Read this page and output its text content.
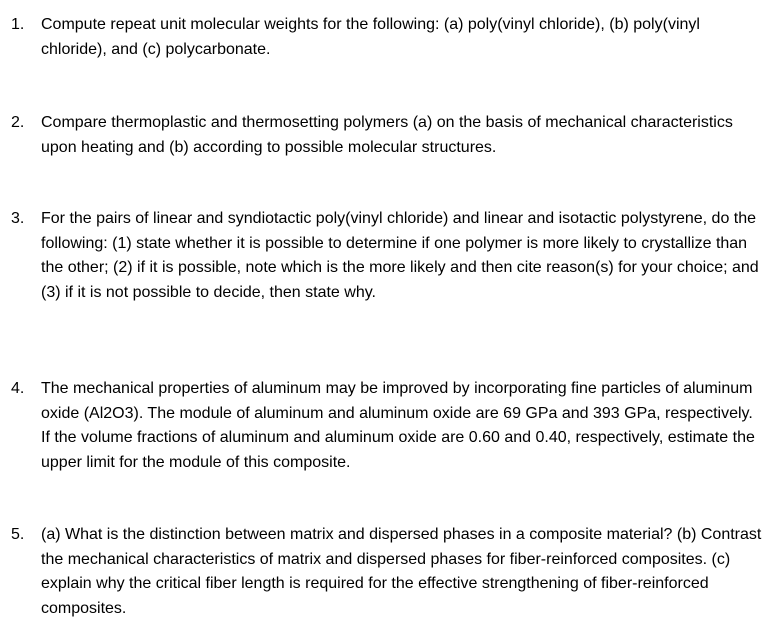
1.	Compute repeat unit molecular weights for the following: (a) poly(vinyl chloride), (b) poly(vinyl chloride), and (c) polycarbonate.

2.	Compare thermoplastic and thermosetting polymers (a) on the basis of mechanical characteristics upon heating and (b) according to possible molecular structures.

3.	For the pairs of linear and syndiotactic poly(vinyl chloride) and linear and isotactic polystyrene, do the following: (1) state whether it is possible to determine if one polymer is more likely to crystallize than the other; (2) if it is possible, note which is the more likely and then cite reason(s) for your choice; and (3) if it is not possible to decide, then state why.

4.	The mechanical properties of aluminum may be improved by incorporating fine particles of aluminum oxide (Al2O3). The module of aluminum and aluminum oxide are 69 GPa and 393 GPa, respectively. If the volume fractions of aluminum and aluminum oxide are 0.60 and 0.40, respectively, estimate the upper limit for the module of this composite.

5.	(a) What is the distinction between matrix and dispersed phases in a composite material? (b) Contrast the mechanical characteristics of matrix and dispersed phases for fiber-reinforced composites. (c) explain why the critical fiber length is required for the effective strengthening of fiber-reinforced composites.
